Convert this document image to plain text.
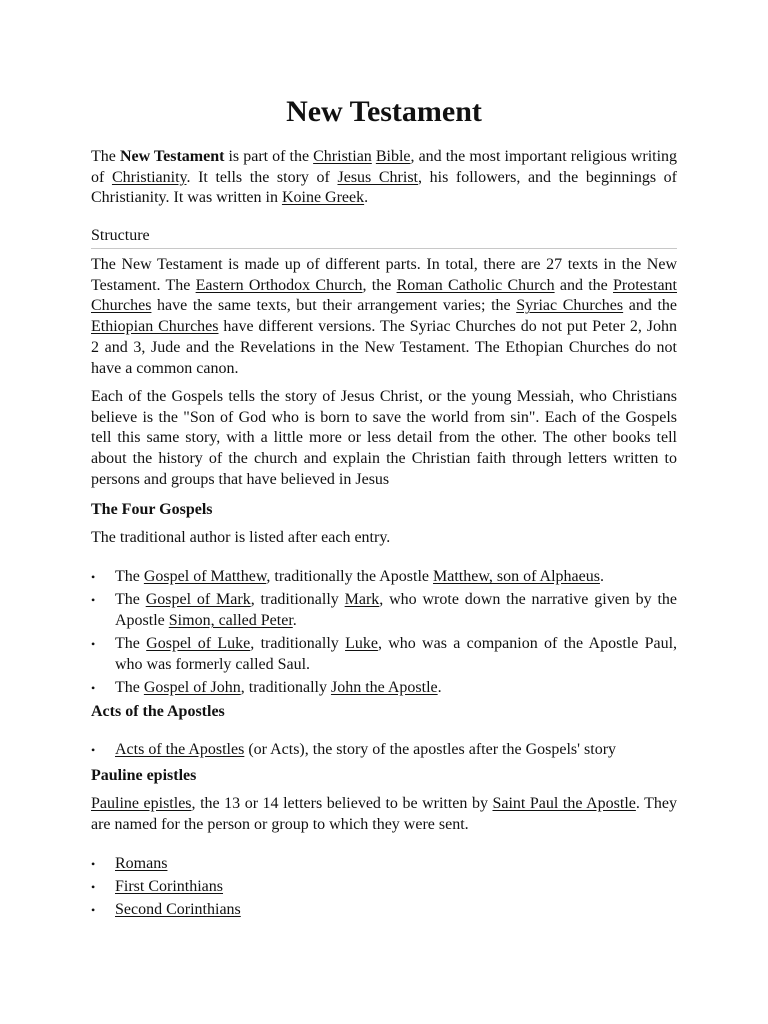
New Testament

The New Testament is part of the Christian Bible, and the most important religious writing of Christianity. It tells the story of Jesus Christ, his followers, and the beginnings of Christianity. It was written in Koine Greek.

Structure

The New Testament is made up of different parts. In total, there are 27 texts in the New Testament. The Eastern Orthodox Church, the Roman Catholic Church and the Protestant Churches have the same texts, but their arrangement varies; the Syriac Churches and the Ethiopian Churches have different versions. The Syriac Churches do not put Peter 2, John 2 and 3, Jude and the Revelations in the New Testament. The Ethopian Churches do not have a common canon.

Each of the Gospels tells the story of Jesus Christ, or the young Messiah, who Christians believe is the "Son of God who is born to save the world from sin". Each of the Gospels tell this same story, with a little more or less detail from the other. The other books tell about the history of the church and explain the Christian faith through letters written to persons and groups that have believed in Jesus

The Four Gospels

The traditional author is listed after each entry.

• The Gospel of Matthew, traditionally the Apostle Matthew, son of Alphaeus.
• The Gospel of Mark, traditionally Mark, who wrote down the narrative given by the Apostle Simon, called Peter.
• The Gospel of Luke, traditionally Luke, who was a companion of the Apostle Paul, who was formerly called Saul.
• The Gospel of John, traditionally John the Apostle.
Acts of the Apostles
• Acts of the Apostles (or Acts), the story of the apostles after the Gospels' story
Pauline epistles

Pauline epistles, the 13 or 14 letters believed to be written by Saint Paul the Apostle. They are named for the person or group to which they were sent.

• Romans
• First Corinthians
• Second Corinthians
